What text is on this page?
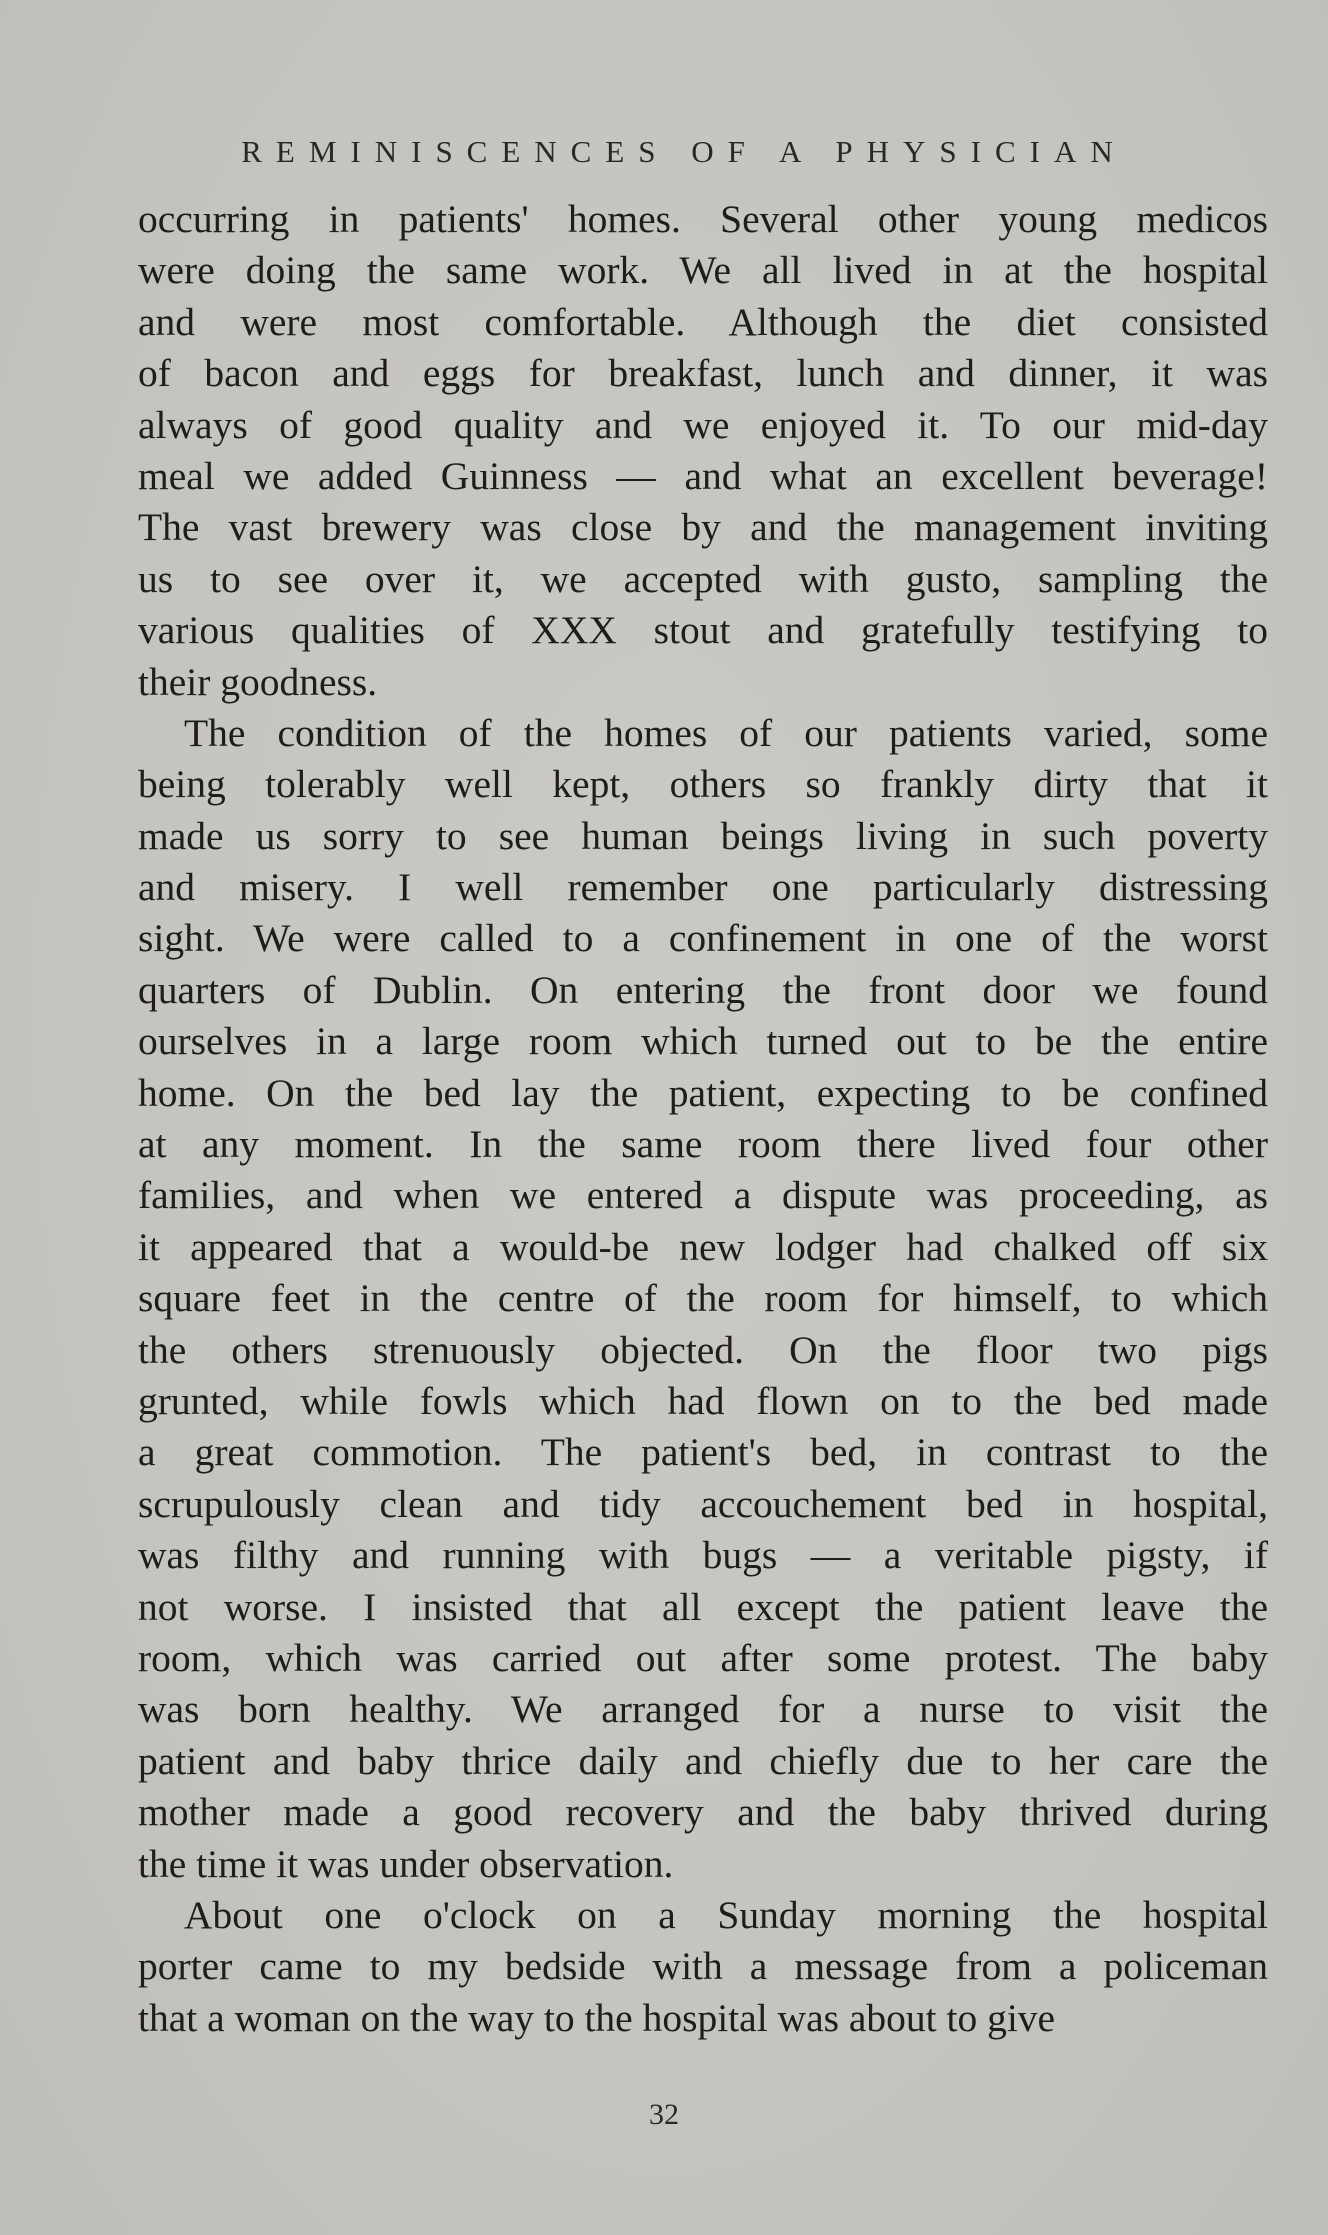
REMINISCENCES OF A PHYSICIAN
occurring in patients' homes. Several other young medicos
were doing the same work. We all lived in at the hospital
and were most comfortable. Although the diet consisted
of bacon and eggs for breakfast, lunch and dinner, it was
always of good quality and we enjoyed it. To our mid-day
meal we added Guinness — and what an excellent beverage!
The vast brewery was close by and the management inviting
us to see over it, we accepted with gusto, sampling the
various qualities of XXX stout and gratefully testifying to
their goodness.
The condition of the homes of our patients varied, some
being tolerably well kept, others so frankly dirty that it
made us sorry to see human beings living in such poverty
and misery. I well remember one particularly distressing
sight. We were called to a confinement in one of the worst
quarters of Dublin. On entering the front door we found
ourselves in a large room which turned out to be the entire
home. On the bed lay the patient, expecting to be confined
at any moment. In the same room there lived four other
families, and when we entered a dispute was proceeding, as
it appeared that a would-be new lodger had chalked off six
square feet in the centre of the room for himself, to which
the others strenuously objected. On the floor two pigs
grunted, while fowls which had flown on to the bed made
a great commotion. The patient's bed, in contrast to the
scrupulously clean and tidy accouchement bed in hospital,
was filthy and running with bugs — a veritable pigsty, if
not worse. I insisted that all except the patient leave the
room, which was carried out after some protest. The baby
was born healthy. We arranged for a nurse to visit the
patient and baby thrice daily and chiefly due to her care the
mother made a good recovery and the baby thrived during
the time it was under observation.
About one o'clock on a Sunday morning the hospital
porter came to my bedside with a message from a policeman
that a woman on the way to the hospital was about to give
32
